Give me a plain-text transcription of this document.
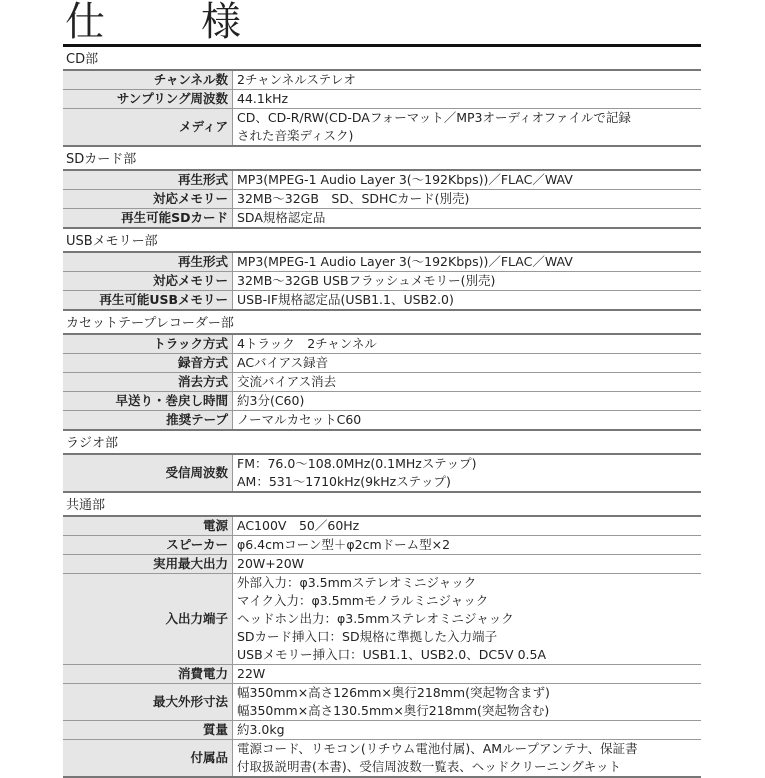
仕　様
CD部
チャンネル数	2チャンネルステレオ
サンプリング周波数	44.1kHz
メディア	CD、CD-R/RW(CD-DAフォーマット／MP3オーディオファイルで記録
された音楽ディスク)
SDカード部
再生形式	MP3(MPEG-1 Audio Layer 3(〜192Kbps))／FLAC／WAV
対応メモリー	32MB〜32GB　SD、SDHCカード(別売)
再生可能SDカード	SDA規格認定品
USBメモリー部
再生形式	MP3(MPEG-1 Audio Layer 3(〜192Kbps))／FLAC／WAV
対応メモリー	32MB〜32GB USBフラッシュメモリー(別売)
再生可能USBメモリー	USB-IF規格認定品(USB1.1、USB2.0)
カセットテープレコーダー部
トラック方式	4トラック　2チャンネル
録音方式	ACバイアス録音
消去方式	交流バイアス消去
早送り・巻戻し時間	約3分(C60)
推奨テープ	ノーマルカセットC60
ラジオ部
受信周波数	FM：76.0〜108.0MHz(0.1MHzステップ)
AM：531〜1710kHz(9kHzステップ)
共通部
電源	AC100V　50／60Hz
スピーカー	φ6.4cmコーン型＋φ2cmドーム型×2
実用最大出力	20W+20W
入出力端子	外部入力：φ3.5mmステレオミニジャック
マイク入力：φ3.5mmモノラルミニジャック
ヘッドホン出力：φ3.5mmステレオミニジャック
SDカード挿入口：SD規格に準拠した入力端子
USBメモリー挿入口：USB1.1、USB2.0、DC5V 0.5A
消費電力	22W
最大外形寸法	幅350mm×高さ126mm×奥行218mm(突起物含まず)
幅350mm×高さ130.5mm×奥行218mm(突起物含む)
質量	約3.0kg
付属品	電源コード、リモコン(リチウム電池付属)、AMループアンテナ、保証書
付取扱説明書(本書)、受信周波数一覧表、ヘッドクリーニングキット
